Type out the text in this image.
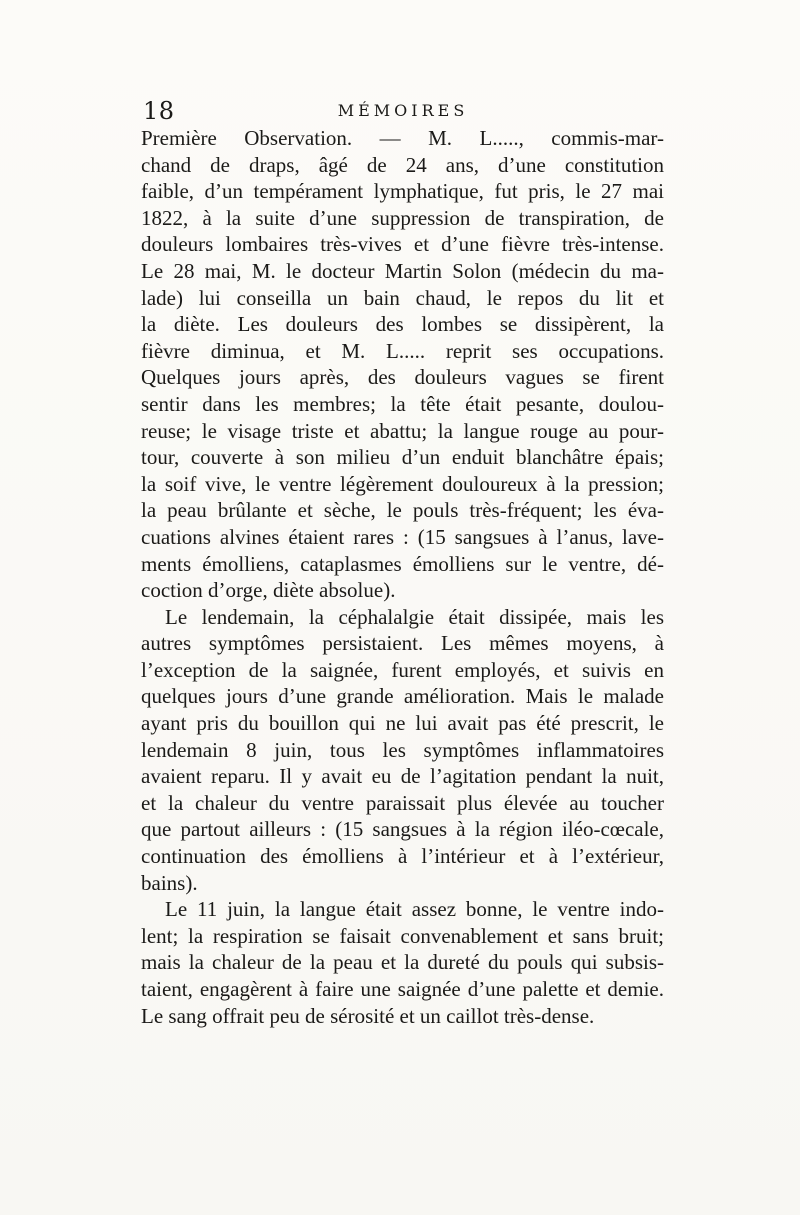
18	MÉMOIRES
Première Observation. — M. L....., commis-mar-
chand de draps, âgé de 24 ans, d’une constitution
faible, d’un tempérament lymphatique, fut pris, le 27 mai
1822, à la suite d’une suppression de transpiration, de
douleurs lombaires très-vives et d’une fièvre très-intense.
Le 28 mai, M. le docteur Martin Solon (médecin du ma-
lade) lui conseilla un bain chaud, le repos du lit et
la diète. Les douleurs des lombes se dissipèrent, la
fièvre diminua, et M. L..... reprit ses occupations.
Quelques jours après, des douleurs vagues se firent
sentir dans les membres; la tête était pesante, doulou-
reuse; le visage triste et abattu; la langue rouge au pour-
tour, couverte à son milieu d’un enduit blanchâtre épais;
la soif vive, le ventre légèrement douloureux à la pression;
la peau brûlante et sèche, le pouls très-fréquent; les éva-
cuations alvines étaient rares : (15 sangsues à l’anus, lave-
ments émolliens, cataplasmes émolliens sur le ventre, dé-
coction d’orge, diète absolue).
Le lendemain, la céphalalgie était dissipée, mais les
autres symptômes persistaient. Les mêmes moyens, à
l’exception de la saignée, furent employés, et suivis en
quelques jours d’une grande amélioration. Mais le malade
ayant pris du bouillon qui ne lui avait pas été prescrit, le
lendemain 8 juin, tous les symptômes inflammatoires
avaient reparu. Il y avait eu de l’agitation pendant la nuit,
et la chaleur du ventre paraissait plus élevée au toucher
que partout ailleurs : (15 sangsues à la région iléo-cœcale,
continuation des émolliens à l’intérieur et à l’extérieur,
bains).
Le 11 juin, la langue était assez bonne, le ventre indo-
lent; la respiration se faisait convenablement et sans bruit;
mais la chaleur de la peau et la dureté du pouls qui subsis-
taient, engagèrent à faire une saignée d’une palette et demie.
Le sang offrait peu de sérosité et un caillot très-dense.
